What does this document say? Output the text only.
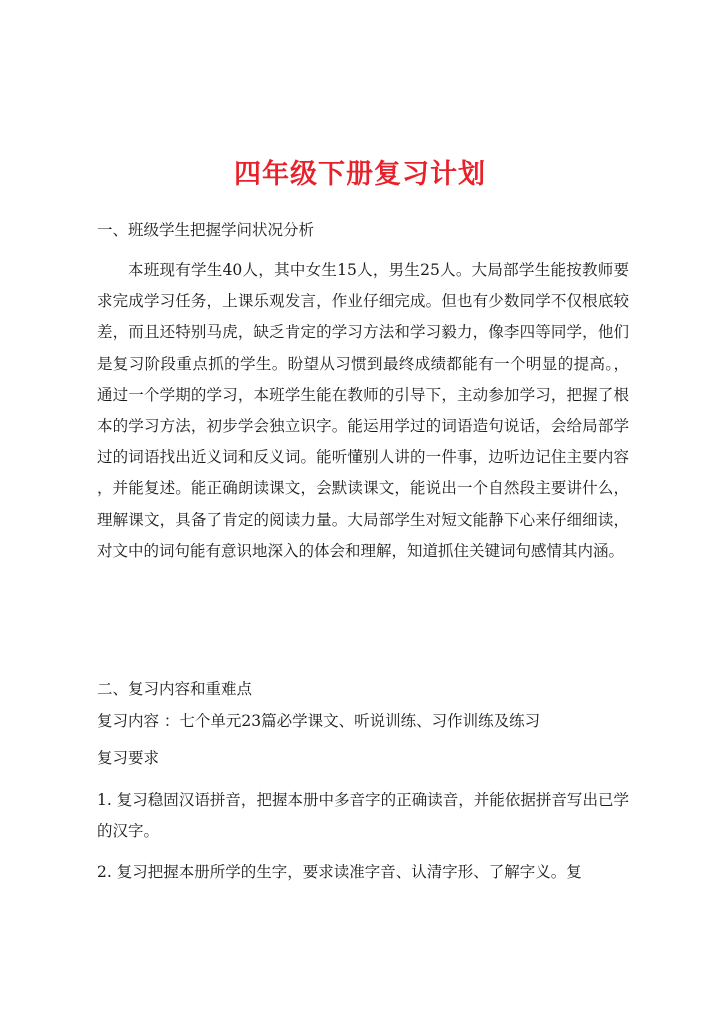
四年级下册复习计划
一、班级学生把握学问状况分析

本班现有学生40人，其中女生15人，男生25人。大局部学生能按教师要求完成学习任务，上课乐观发言，作业仔细完成。但也有少数同学不仅根底较差，而且还特别马虎，缺乏肯定的学习方法和学习毅力，像李四等同学，他们是复习阶段重点抓的学生。盼望从习惯到最终成绩都能有一个明显的提高。，通过一个学期的学习，本班学生能在教师的引导下，主动参加学习，把握了根本的学习方法，初步学会独立识字。能运用学过的词语造句说话，会给局部学过的词语找出近义词和反义词。能听懂别人讲的一件事，边听边记住主要内容 ，并能复述。能正确朗读课文，会默读课文，能说出一个自然段主要讲什么，理解课文，具备了肯定的阅读力量。大局部学生对短文能静下心来仔细细读，对文中的词句能有意识地深入的体会和理解，知道抓住关键词句感情其内涵。

二、复习内容和重难点
复习内容 ：七个单元23篇必学课文、听说训练、习作训练及练习
复习要求

1. 复习稳固汉语拼音，把握本册中多音字的正确读音，并能依据拼音写出已学的汉字。

2. 复习把握本册所学的生字，要求读准字音、认清字形、了解字义。复
